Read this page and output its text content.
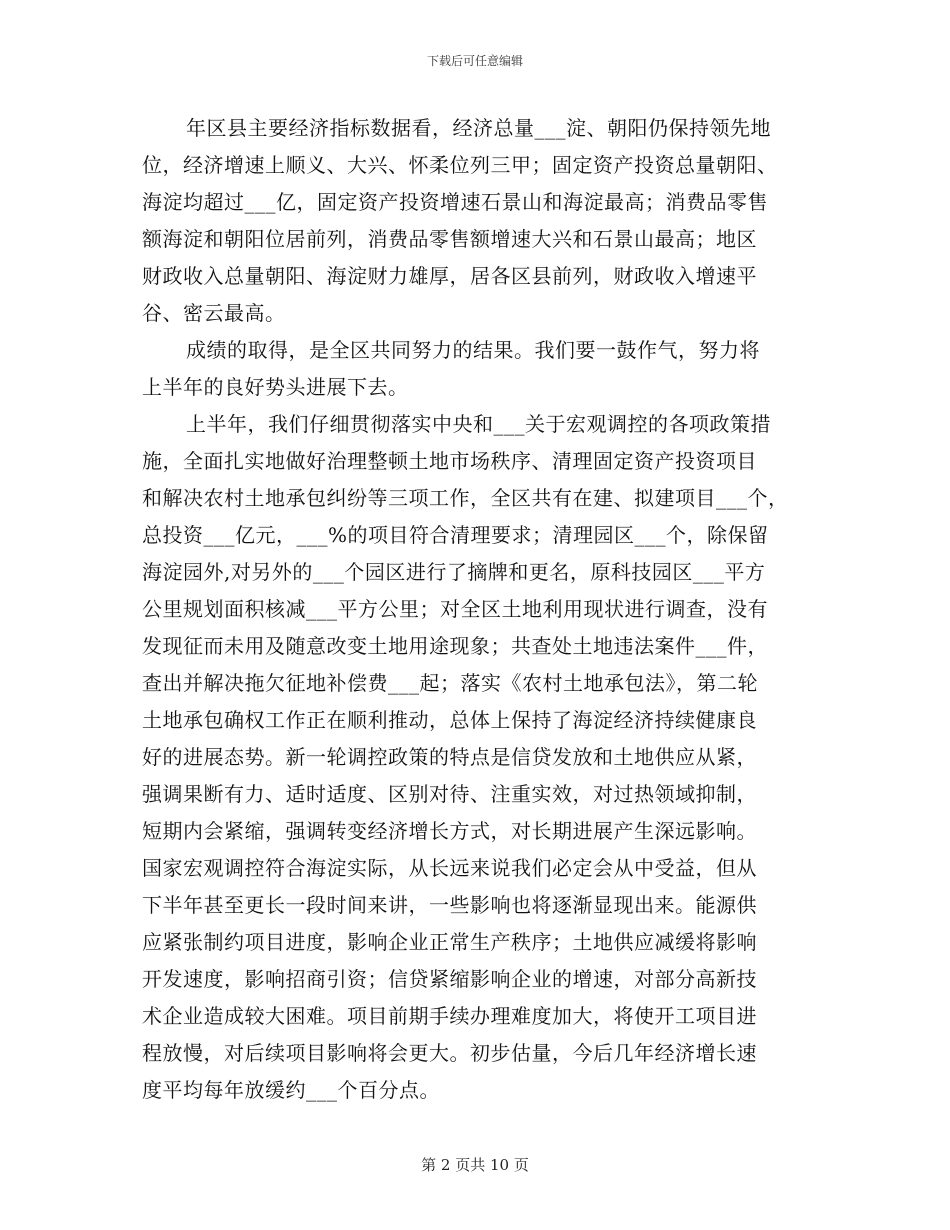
下载后可任意编辑
年区县主要经济指标数据看，经济总量___淀、朝阳仍保持领先地
位，经济增速上顺义、大兴、怀柔位列三甲；固定资产投资总量朝阳、
海淀均超过___亿，固定资产投资增速石景山和海淀最高；消费品零售
额海淀和朝阳位居前列，消费品零售额增速大兴和石景山最高；地区
财政收入总量朝阳、海淀财力雄厚，居各区县前列，财政收入增速平
谷、密云最高。
成绩的取得，是全区共同努力的结果。我们要一鼓作气，努力将
上半年的良好势头进展下去。
上半年，我们仔细贯彻落实中央和___关于宏观调控的各项政策措
施，全面扎实地做好治理整顿土地市场秩序、清理固定资产投资项目
和解决农村土地承包纠纷等三项工作，全区共有在建、拟建项目___个，
总投资___亿元，___%的项目符合清理要求；清理园区___个，除保留
海淀园外,对另外的___个园区进行了摘牌和更名，原科技园区___平方
公里规划面积核减___平方公里；对全区土地利用现状进行调查，没有
发现征而未用及随意改变土地用途现象；共查处土地违法案件___件，
查出并解决拖欠征地补偿费___起；落实《农村土地承包法》，第二轮
土地承包确权工作正在顺利推动，总体上保持了海淀经济持续健康良
好的进展态势。新一轮调控政策的特点是信贷发放和土地供应从紧，
强调果断有力、适时适度、区别对待、注重实效，对过热领域抑制，
短期内会紧缩，强调转变经济增长方式，对长期进展产生深远影响。
国家宏观调控符合海淀实际，从长远来说我们必定会从中受益，但从
下半年甚至更长一段时间来讲，一些影响也将逐渐显现出来。能源供
应紧张制约项目进度，影响企业正常生产秩序；土地供应减缓将影响
开发速度，影响招商引资；信贷紧缩影响企业的增速，对部分高新技
术企业造成较大困难。项目前期手续办理难度加大，将使开工项目进
程放慢，对后续项目影响将会更大。初步估量，今后几年经济增长速
度平均每年放缓约___个百分点。
第 2 页共 10 页
